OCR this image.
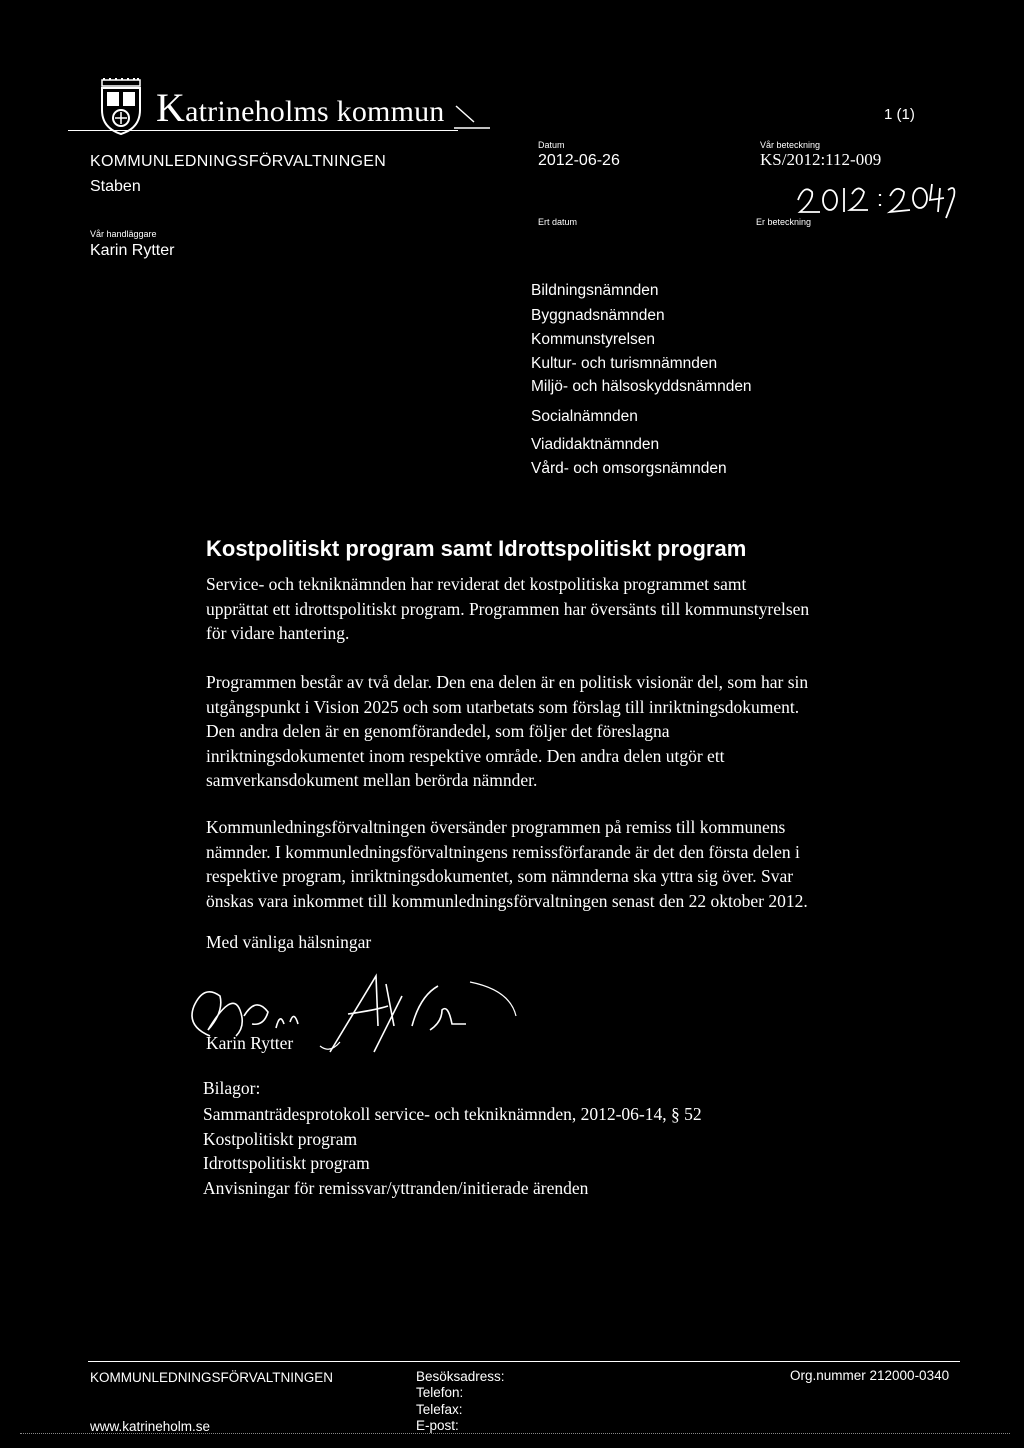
Katrineholms kommun	1 (1)
KOMMUNLEDNINGSFÖRVALTNINGEN
Staben
Vår handläggare
Karin Rytter
Datum
2012-06-26
Ert datum
Vår beteckning
KS/2012:112-009
Er beteckning
Bildningsnämnden
Byggnadsnämnden
Kommunstyrelsen
Kultur- och turismnämnden
Miljö- och hälsoskyddsnämnden
Socialnämnden
Viadidaktnämnden
Vård- och omsorgsnämnden
Kostpolitiskt program samt Idrottspolitiskt program
Service- och tekniknämnden har reviderat det kostpolitiska programmet samt
upprättat ett idrottspolitiskt program. Programmen har översänts till kommunstyrelsen
för vidare hantering.
Programmen består av två delar. Den ena delen är en politisk visionär del, som har sin
utgångspunkt i Vision 2025 och som utarbetats som förslag till inriktningsdokument.
Den andra delen är en genomförandedel, som följer det föreslagna
inriktningsdokumentet inom respektive område. Den andra delen utgör ett
samverkansdokument mellan berörda nämnder.
Kommunledningsförvaltningen översänder programmen på remiss till kommunens
nämnder. I kommunledningsförvaltningens remissförfarande är det den första delen i
respektive program, inriktningsdokumentet, som nämnderna ska yttra sig över. Svar
önskas vara inkommet till kommunledningsförvaltningen senast den 22 oktober 2012.
Med vänliga hälsningar
Karin Rytter
Bilagor:
Sammanträdesprotokoll service- och tekniknämnden, 2012-06-14, § 52
Kostpolitiskt program
Idrottspolitiskt program
Anvisningar för remissvar/yttranden/initierade ärenden
KOMMUNLEDNINGSFÖRVALTNINGEN
www.katrineholm.se
Besöksadress:
Telefon:
Telefax:
E-post:
Org.nummer 212000-0340
